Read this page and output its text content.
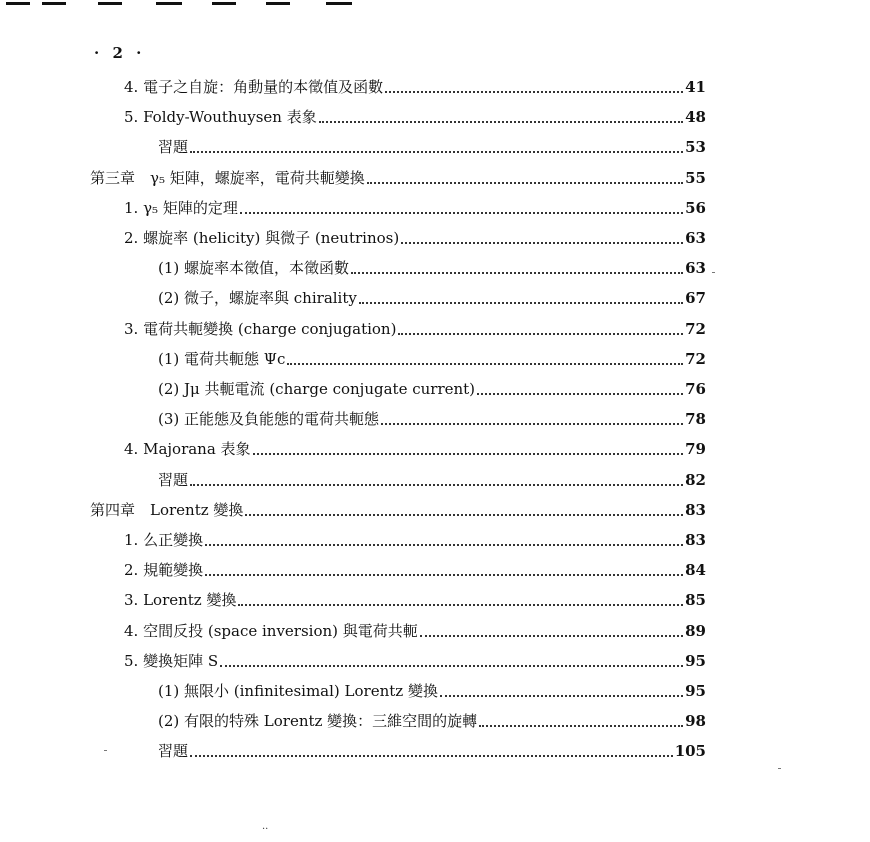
· 2 ·
4. 電子之自旋：角動量的本徵值及函數	41
5. Foldy-Wouthuysen 表象	48
習題	53
第三章　γ₅ 矩陣，螺旋率，電荷共軛變換	55
1. γ₅ 矩陣的定理	56
2. 螺旋率 (helicity) 與微子 (neutrinos)	63
(1) 螺旋率本徵值，本徵函數	63
(2) 微子，螺旋率與 chirality	67
3. 電荷共軛變換 (charge conjugation)	72
(1) 電荷共軛態 Ψc	72
(2) Jμ 共軛電流 (charge conjugate current)	76
(3) 正能態及負能態的電荷共軛態	78
4. Majorana 表象	79
習題	82
第四章　Lorentz 變換	83
1. 么正變換	83
2. 規範變換	84
3. Lorentz 變換	85
4. 空間反投 (space inversion) 與電荷共軛	89
5. 變換矩陣 S	95
(1) 無限小 (infinitesimal) Lorentz 變換	95
(2) 有限的特殊 Lorentz 變換：三維空間的旋轉	98
習題	105
··
